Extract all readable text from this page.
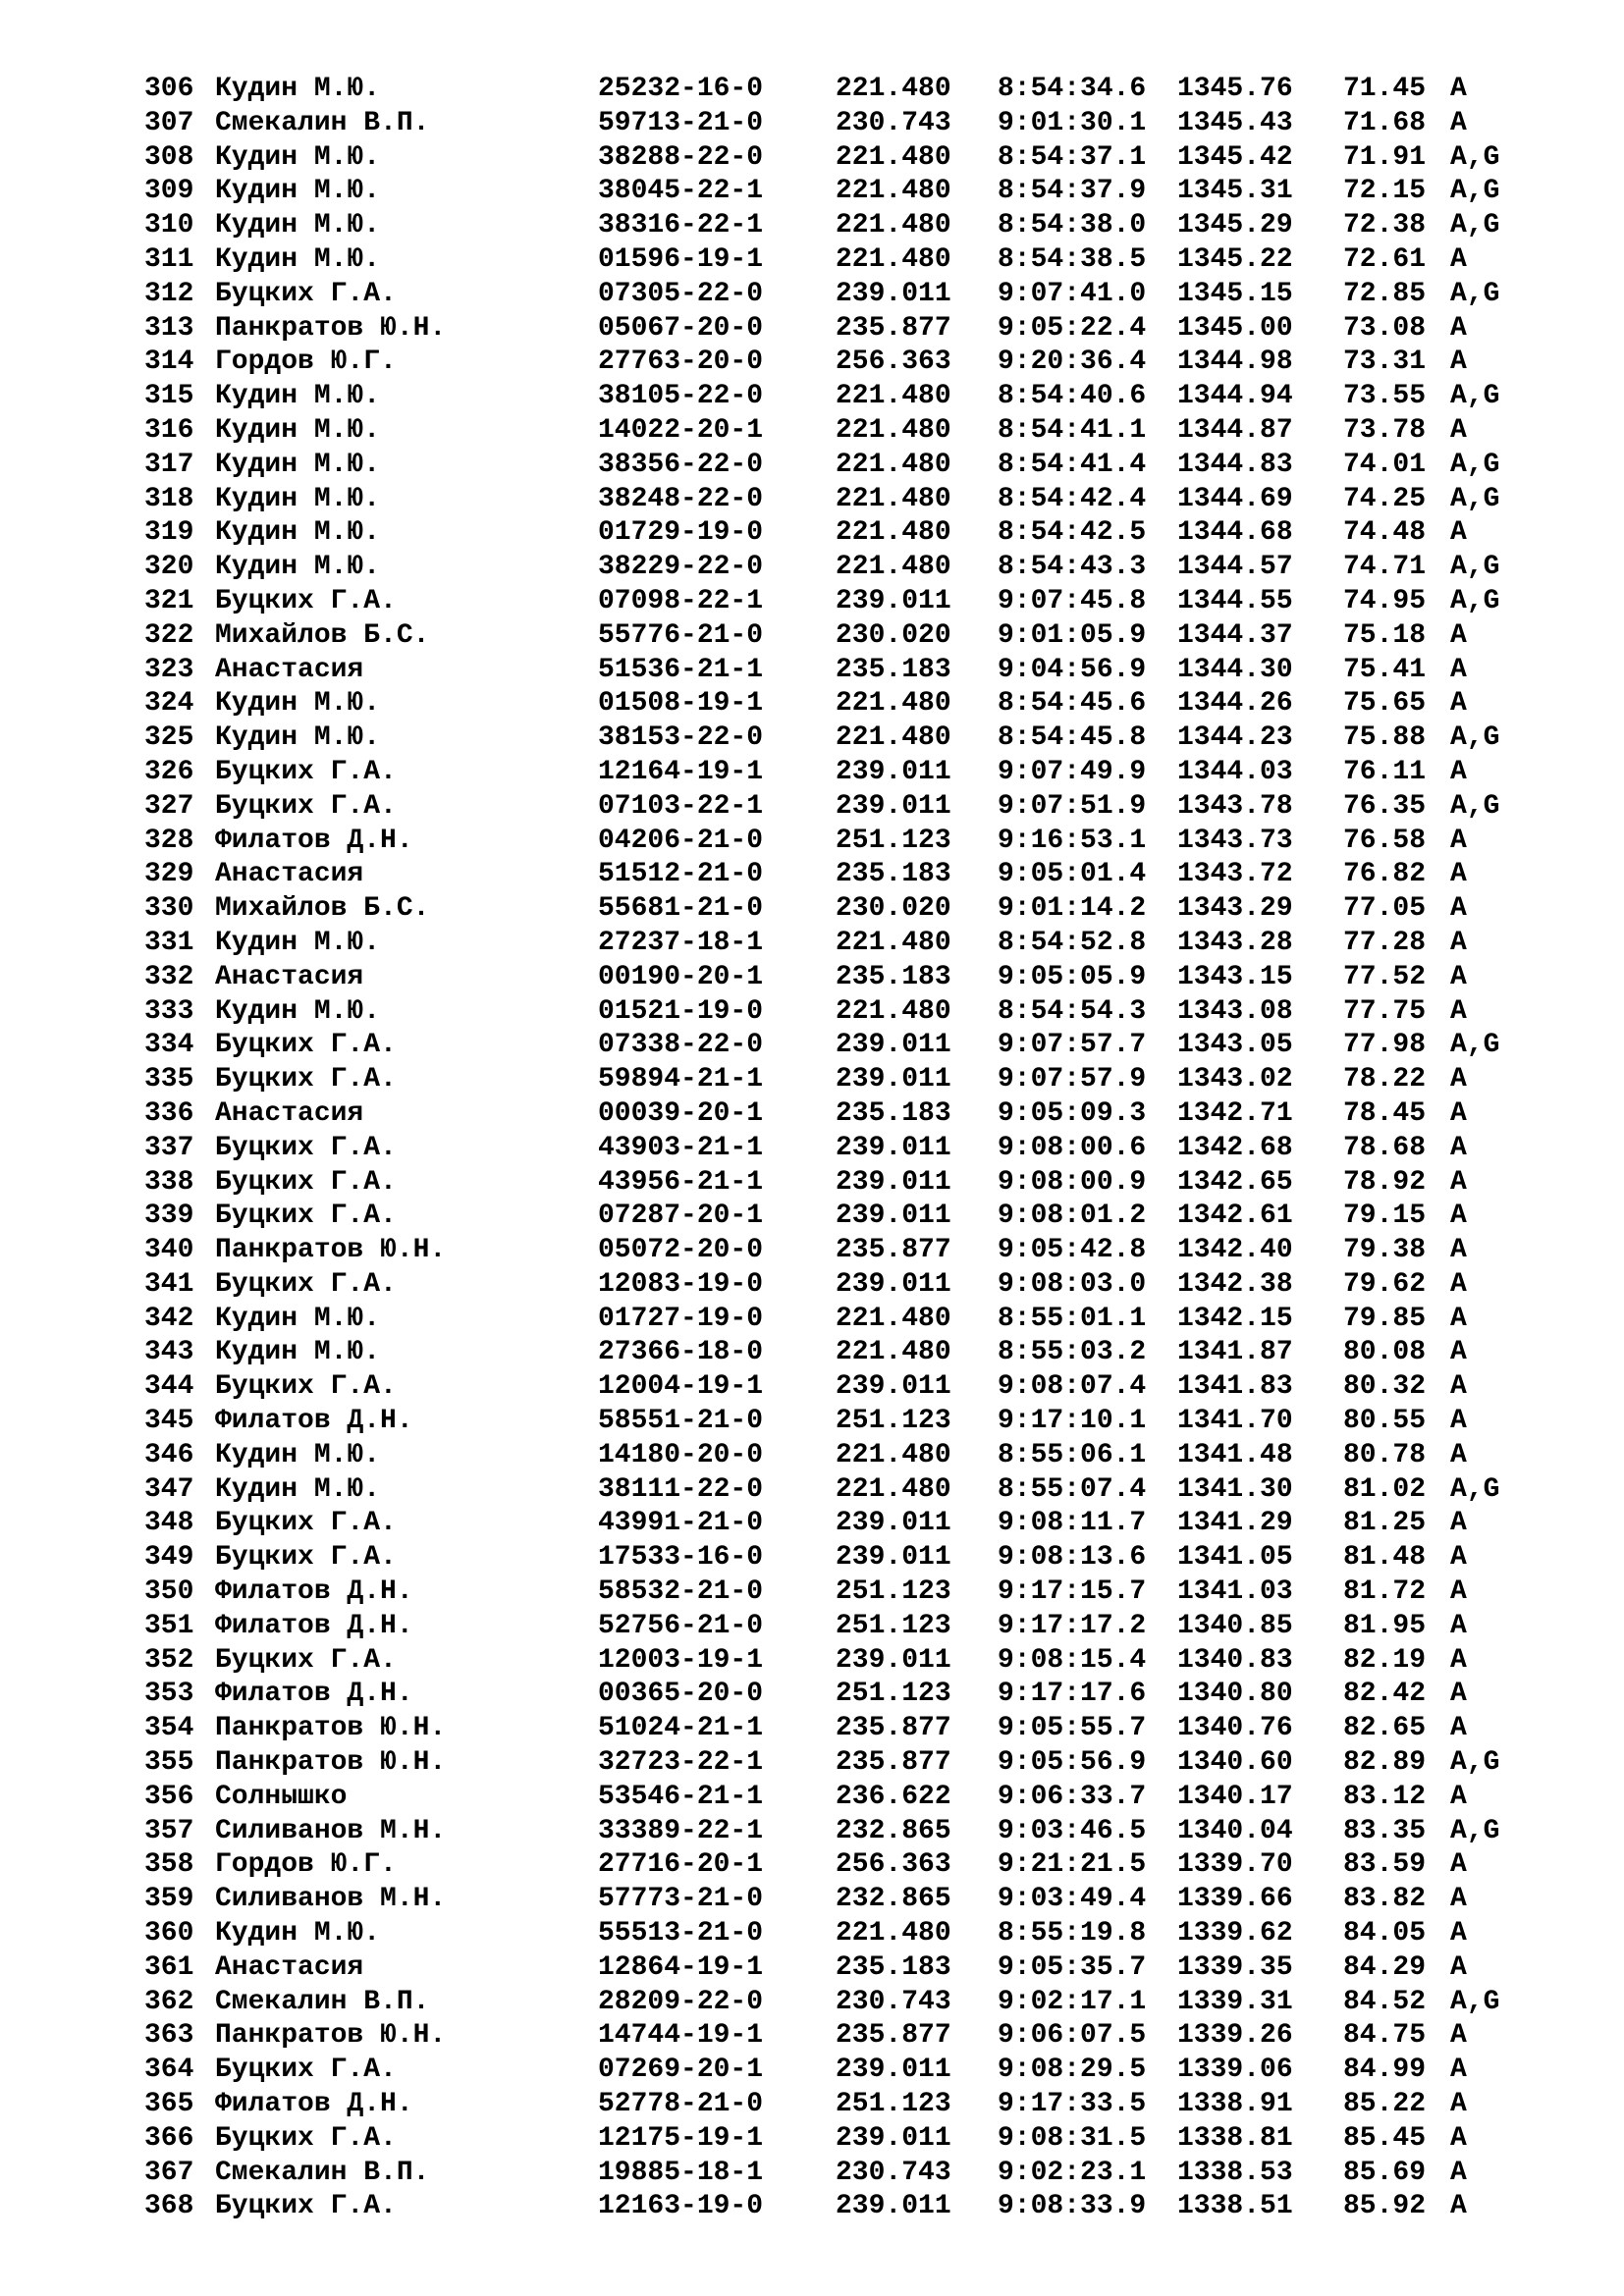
306 Кудин М.Ю.	25232-16-0	221.480 8:54:34.6 1345.76 71.45 A
307 Смекалин В.П.	59713-21-0	230.743 9:01:30.1 1345.43 71.68 A
308 Кудин М.Ю.	38288-22-0	221.480 8:54:37.1 1345.42 71.91 A,G
309 Кудин М.Ю.	38045-22-1	221.480 8:54:37.9 1345.31 72.15 A,G
310 Кудин М.Ю.	38316-22-1	221.480 8:54:38.0 1345.29 72.38 A,G
311 Кудин М.Ю.	01596-19-1	221.480 8:54:38.5 1345.22 72.61 A
312 Буцких Г.А.	07305-22-0	239.011 9:07:41.0 1345.15 72.85 A,G
313 Панкратов Ю.Н.	05067-20-0	235.877 9:05:22.4 1345.00 73.08 A
314 Гордов Ю.Г.	27763-20-0	256.363 9:20:36.4 1344.98 73.31 A
315 Кудин М.Ю.	38105-22-0	221.480 8:54:40.6 1344.94 73.55 A,G
316 Кудин М.Ю.	14022-20-1	221.480 8:54:41.1 1344.87 73.78 A
317 Кудин М.Ю.	38356-22-0	221.480 8:54:41.4 1344.83 74.01 A,G
318 Кудин М.Ю.	38248-22-0	221.480 8:54:42.4 1344.69 74.25 A,G
319 Кудин М.Ю.	01729-19-0	221.480 8:54:42.5 1344.68 74.48 A
320 Кудин М.Ю.	38229-22-0	221.480 8:54:43.3 1344.57 74.71 A,G
321 Буцких Г.А.	07098-22-1	239.011 9:07:45.8 1344.55 74.95 A,G
322 Михайлов Б.С.	55776-21-0	230.020 9:01:05.9 1344.37 75.18 A
323 Анастасия	51536-21-1	235.183 9:04:56.9 1344.30 75.41 A
324 Кудин М.Ю.	01508-19-1	221.480 8:54:45.6 1344.26 75.65 A
325 Кудин М.Ю.	38153-22-0	221.480 8:54:45.8 1344.23 75.88 A,G
326 Буцких Г.А.	12164-19-1	239.011 9:07:49.9 1344.03 76.11 A
327 Буцких Г.А.	07103-22-1	239.011 9:07:51.9 1343.78 76.35 A,G
328 Филатов Д.Н.	04206-21-0	251.123 9:16:53.1 1343.73 76.58 A
329 Анастасия	51512-21-0	235.183 9:05:01.4 1343.72 76.82 A
330 Михайлов Б.С.	55681-21-0	230.020 9:01:14.2 1343.29 77.05 A
331 Кудин М.Ю.	27237-18-1	221.480 8:54:52.8 1343.28 77.28 A
332 Анастасия	00190-20-1	235.183 9:05:05.9 1343.15 77.52 A
333 Кудин М.Ю.	01521-19-0	221.480 8:54:54.3 1343.08 77.75 A
334 Буцких Г.А.	07338-22-0	239.011 9:07:57.7 1343.05 77.98 A,G
335 Буцких Г.А.	59894-21-1	239.011 9:07:57.9 1343.02 78.22 A
336 Анастасия	00039-20-1	235.183 9:05:09.3 1342.71 78.45 A
337 Буцких Г.А.	43903-21-1	239.011 9:08:00.6 1342.68 78.68 A
338 Буцких Г.А.	43956-21-1	239.011 9:08:00.9 1342.65 78.92 A
339 Буцких Г.А.	07287-20-1	239.011 9:08:01.2 1342.61 79.15 A
340 Панкратов Ю.Н.	05072-20-0	235.877 9:05:42.8 1342.40 79.38 A
341 Буцких Г.А.	12083-19-0	239.011 9:08:03.0 1342.38 79.62 A
342 Кудин М.Ю.	01727-19-0	221.480 8:55:01.1 1342.15 79.85 A
343 Кудин М.Ю.	27366-18-0	221.480 8:55:03.2 1341.87 80.08 A
344 Буцких Г.А.	12004-19-1	239.011 9:08:07.4 1341.83 80.32 A
345 Филатов Д.Н.	58551-21-0	251.123 9:17:10.1 1341.70 80.55 A
346 Кудин М.Ю.	14180-20-0	221.480 8:55:06.1 1341.48 80.78 A
347 Кудин М.Ю.	38111-22-0	221.480 8:55:07.4 1341.30 81.02 A,G
348 Буцких Г.А.	43991-21-0	239.011 9:08:11.7 1341.29 81.25 A
349 Буцких Г.А.	17533-16-0	239.011 9:08:13.6 1341.05 81.48 A
350 Филатов Д.Н.	58532-21-0	251.123 9:17:15.7 1341.03 81.72 A
351 Филатов Д.Н.	52756-21-0	251.123 9:17:17.2 1340.85 81.95 A
352 Буцких Г.А.	12003-19-1	239.011 9:08:15.4 1340.83 82.19 A
353 Филатов Д.Н.	00365-20-0	251.123 9:17:17.6 1340.80 82.42 A
354 Панкратов Ю.Н.	51024-21-1	235.877 9:05:55.7 1340.76 82.65 A
355 Панкратов Ю.Н.	32723-22-1	235.877 9:05:56.9 1340.60 82.89 A,G
356 Солнышко	53546-21-1	236.622 9:06:33.7 1340.17 83.12 A
357 Силиванов М.Н.	33389-22-1	232.865 9:03:46.5 1340.04 83.35 A,G
358 Гордов Ю.Г.	27716-20-1	256.363 9:21:21.5 1339.70 83.59 A
359 Силиванов М.Н.	57773-21-0	232.865 9:03:49.4 1339.66 83.82 A
360 Кудин М.Ю.	55513-21-0	221.480 8:55:19.8 1339.62 84.05 A
361 Анастасия	12864-19-1	235.183 9:05:35.7 1339.35 84.29 A
362 Смекалин В.П.	28209-22-0	230.743 9:02:17.1 1339.31 84.52 A,G
363 Панкратов Ю.Н.	14744-19-1	235.877 9:06:07.5 1339.26 84.75 A
364 Буцких Г.А.	07269-20-1	239.011 9:08:29.5 1339.06 84.99 A
365 Филатов Д.Н.	52778-21-0	251.123 9:17:33.5 1338.91 85.22 A
366 Буцких Г.А.	12175-19-1	239.011 9:08:31.5 1338.81 85.45 A
367 Смекалин В.П.	19885-18-1	230.743 9:02:23.1 1338.53 85.69 A
368 Буцких Г.А.	12163-19-0	239.011 9:08:33.9 1338.51 85.92 A
